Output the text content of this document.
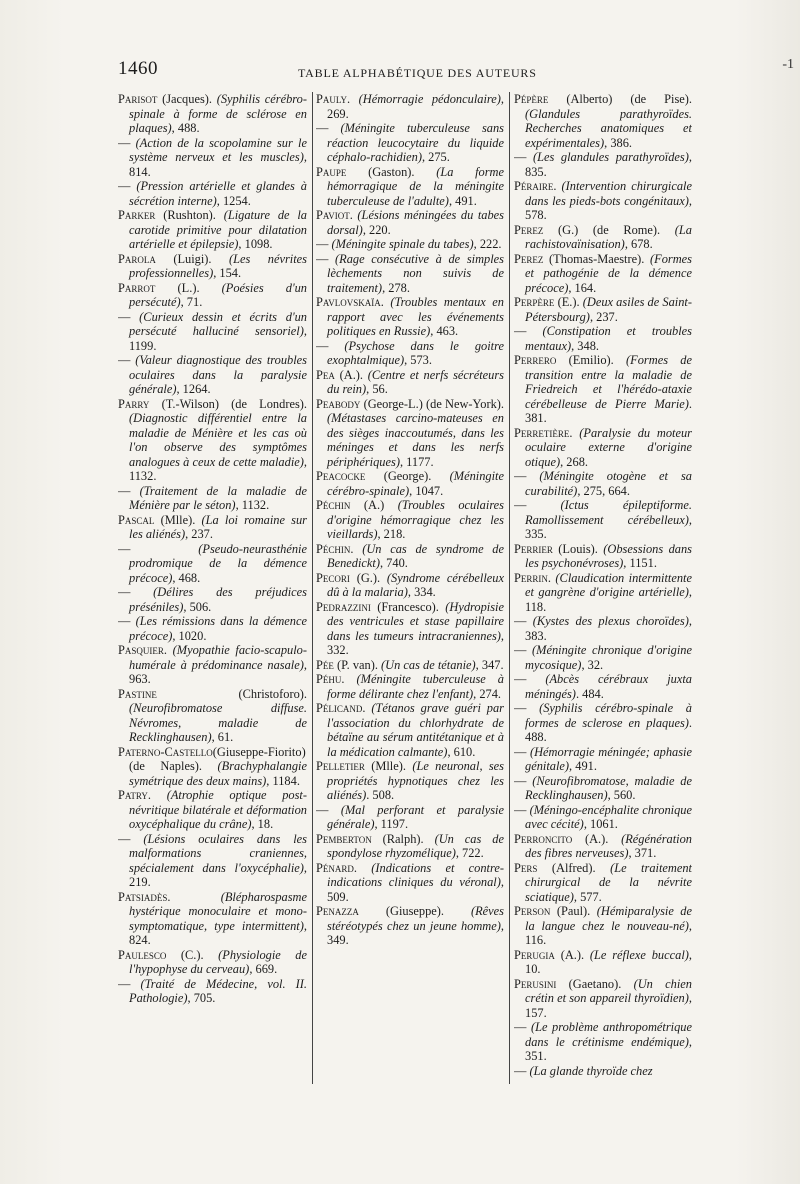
1460	TABLE ALPHABÉTIQUE DES AUTEURS
-1

Parisot (Jacques). (Syphilis cérébro-spinale à forme de sclérose en plaques), 488.

— (Action de la scopolamine sur le système nerveux et les muscles), 814.

— (Pression artérielle et glandes à sécrétion interne), 1254.

Parker (Rushton). (Ligature de la carotide primitive pour dilatation artérielle et épilepsie), 1098.

Parola (Luigi). (Les névrites professionnelles), 154.

Parrot (L.). (Poésies d'un persécuté), 71.

— (Curieux dessin et écrits d'un persécuté halluciné sensoriel), 1199.

— (Valeur diagnostique des troubles oculaires dans la paralysie générale), 1264.

Parry (T.-Wilson) (de Londres). (Diagnostic différentiel entre la maladie de Ménière et les cas où l'on observe des symptômes analogues à ceux de cette maladie), 1132.

— (Traitement de la maladie de Ménière par le séton), 1132.

Pascal (Mlle). (La loi romaine sur les aliénés), 237.

—	(Pseudo-neurasthénie prodromique de la démence précoce), 468.

— (Délires des préjudices préséniles), 506.

— (Les rémissions dans la démence précoce), 1020.

Pasquier. (Myopathie facio-scapulo-humérale à prédominance nasale), 963.

Pastine (Christoforo). (Neurofibromatose diffuse. Névromes, maladie de Recklinghausen), 61.

Paterno-Castello(Giuseppe-Fiorito) (de Naples). (Brachyphalangie symétrique des deux mains), 1184.

Patry. (Atrophie optique post-névritique bilatérale et déformation oxycéphalique du crâne), 18.

— (Lésions oculaires dans les malformations craniennes, spécialement dans l'oxycéphalie), 219.

Patsiadès. (Blépharospasme hystérique monoculaire et mono-symptomatique, type intermittent), 824.

Paulesco (C.). (Physiologie de l'hypophyse du cerveau), 669.

— (Traité de Médecine, vol. II. Pathologie), 705.

Pauly. (Hémorragie pédonculaire), 269.

— (Méningite tuberculeuse sans réaction leucocytaire du liquide céphalo-rachidien), 275.

Paupe (Gaston). (La forme hémorragique de la méningite tuberculeuse de l'adulte), 491.

Paviot. (Lésions méningées du tabes dorsal), 220.

— (Méningite spinale du tabes), 222.

— (Rage consécutive à de simples lèchements non suivis de traitement), 278.

Pavlovskaïa. (Troubles mentaux en rapport avec les événements politiques en Russie), 463.

— (Psychose dans le goitre exophtalmique), 573.

Pea (A.). (Centre et nerfs sécréteurs du rein), 56.

Peabody (George-L.) (de New-York). (Métastases carcino-mateuses en des sièges inaccoutumés, dans les méninges et dans les nerfs périphériques), 1177.

Peacocke (George). (Méningite cérébro-spinale), 1047.

Péchin (A.) (Troubles oculaires d'origine hémorragique chez les vieillards), 218.

Péchin. (Un cas de syndrome de Benedickt), 740.

Pecori (G.). (Syndrome cérébelleux dû à la malaria), 334.

Pedrazzini (Francesco). (Hydropisie des ventricules et stase papillaire dans les tumeurs intracraniennes), 332.

Pée (P. van). (Un cas de tétanie), 347.

Péhu. (Méningite tuberculeuse à forme délirante chez l'enfant), 274.

Pélicand. (Tétanos grave guéri par l'association du chlorhydrate de bétaïne au sérum antitétanique et à la médication calmante), 610.

Pelletier (Mlle). (Le neuronal, ses propriétés hypnotiques chez les aliénés). 508.

— (Mal perforant et paralysie générale), 1197.

Pemberton (Ralph). (Un cas de spondylose rhyzomélique), 722.

Pénard. (Indications et contre-indications cliniques du véronal), 509.

Penazza (Giuseppe). (Rêves stéréotypés chez un jeune homme), 349.

Pépère (Alberto) (de Pise). (Glandules parathyroïdes. Recherches anatomiques et expérimentales), 386.

— (Les glandules parathyroïdes), 835.

Péraire. (Intervention chirurgicale dans les pieds-bots congénitaux), 578.

Perez (G.) (de Rome). (La rachistovaïnisation), 678.

Perez (Thomas-Maestre). (Formes et pathogénie de la démence précoce), 164.

Perpère (E.). (Deux asiles de Saint-Pétersbourg), 237.

— (Constipation et troubles mentaux), 348.

Perrero (Emilio). (Formes de transition entre la maladie de Friedreich et l'hérédo-ataxie cérébelleuse de Pierre Marie). 381.

Perretière. (Paralysie du moteur oculaire externe d'origine otique), 268.

— (Méningite otogène et sa curabilité), 275, 664.

—	(Ictus épileptiforme. Ramollissement cérébelleux), 335.

Perrier (Louis). (Obsessions dans les psychonévroses), 1151.

Perrin. (Claudication intermittente et gangrène d'origine artérielle), 118.

— (Kystes des plexus choroïdes), 383.

— (Méningite chronique d'origine mycosique), 32.

— (Abcès cérébraux juxta méningés). 484.

— (Syphilis cérébro-spinale à formes de sclerose en plaques). 488.

— (Hémorragie méningée; aphasie génitale), 491.

— (Neurofibromatose, maladie de Recklinghausen), 560.

— (Méningo-encéphalite chronique avec cécité), 1061.

Perroncito (A.). (Régénération des fibres nerveuses), 371.

Pers (Alfred). (Le traitement chirurgical de la névrite sciatique), 577.

Person (Paul). (Hémiparalysie de la langue chez le nouveau-né), 116.

Perugia (A.). (Le réflexe buccal), 10.

Perusini (Gaetano). (Un chien crétin et son appareil thyroïdien), 157.

— (Le problème anthropométrique dans le crétinisme endémique), 351.

— (La glande thyroïde chez
